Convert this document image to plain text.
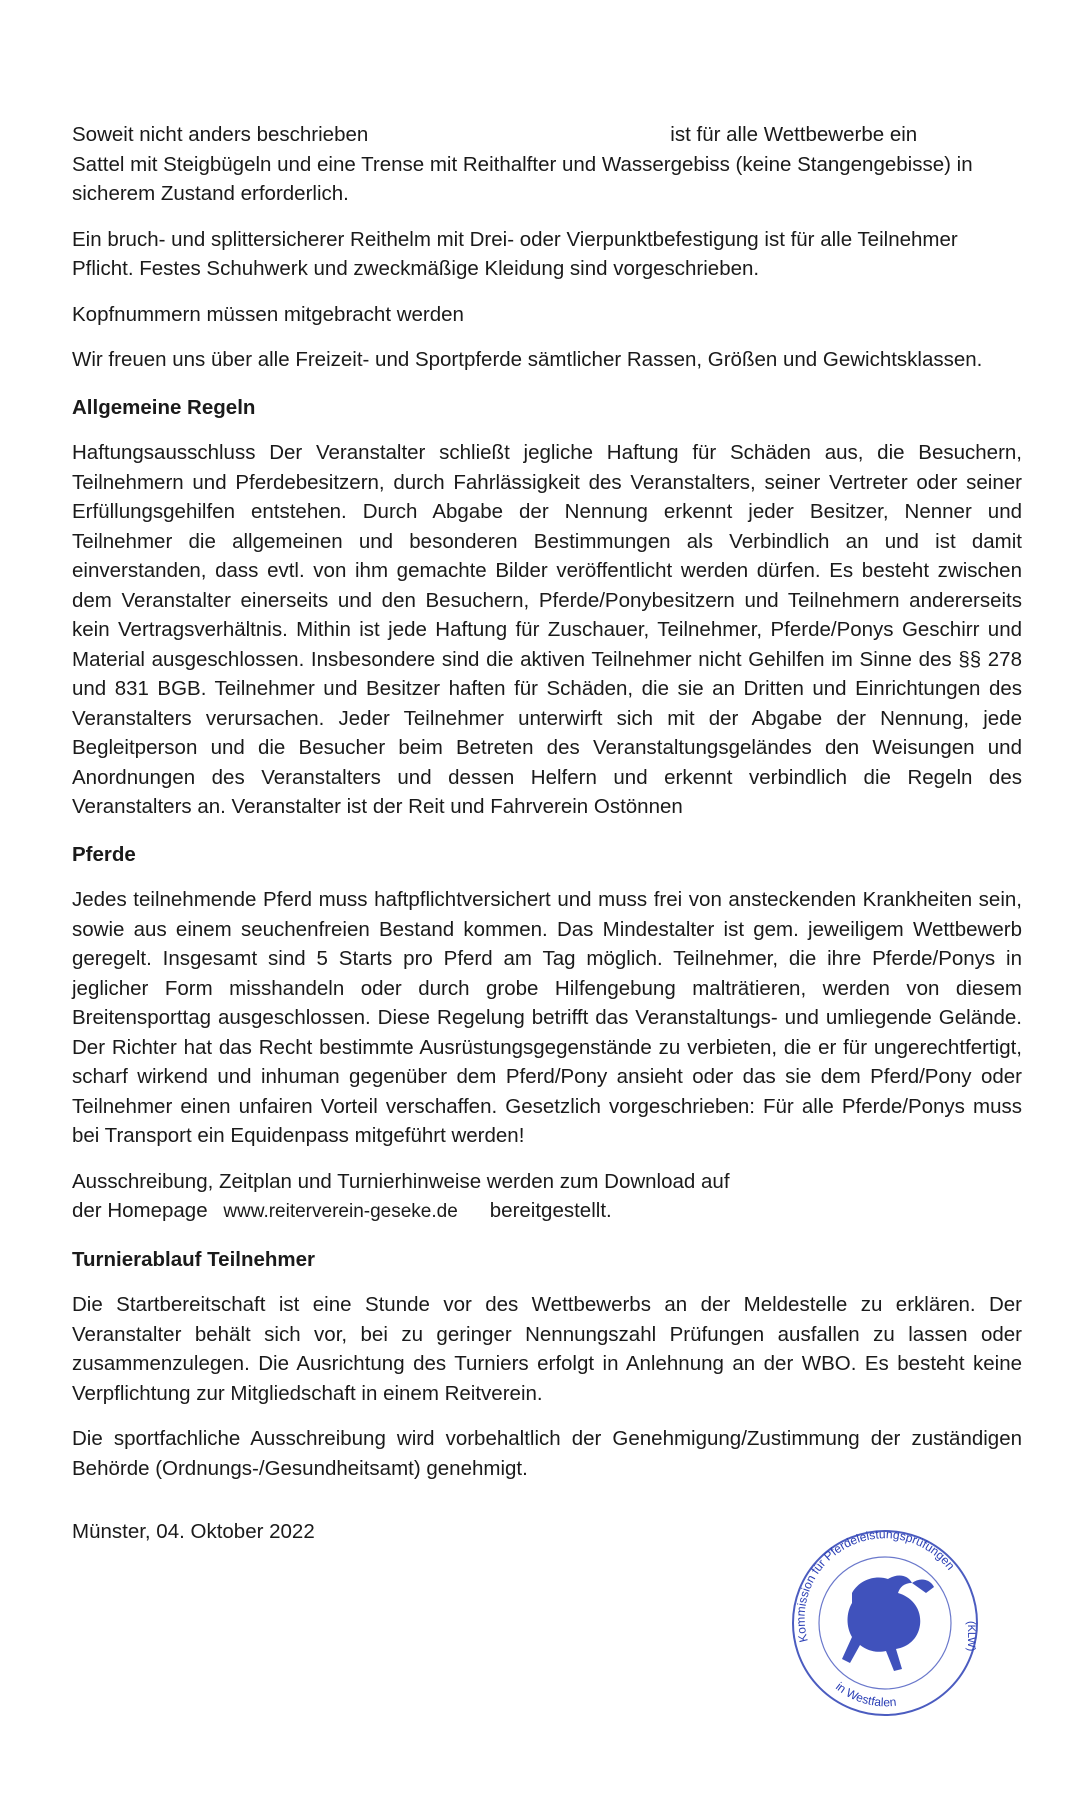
Soweit nicht anders beschrieben	ist für alle Wettbewerbe ein
Sattel mit Steigbügeln und eine Trense mit Reithalfter und Wassergebiss (keine Stangengebisse) in sicherem Zustand erforderlich.

Ein bruch- und splittersicherer Reithelm mit Drei- oder Vierpunktbefestigung ist für alle Teilnehmer Pflicht. Festes Schuhwerk und zweckmäßige Kleidung sind vorgeschrieben.

Kopfnummern müssen mitgebracht werden

Wir freuen uns über alle Freizeit- und Sportpferde sämtlicher Rassen, Größen und Gewichtsklassen.

Allgemeine Regeln

Haftungsausschluss Der Veranstalter schließt jegliche Haftung für Schäden aus, die Besuchern, Teilnehmern und Pferdebesitzern, durch Fahrlässigkeit des Veranstalters, seiner Vertreter oder seiner Erfüllungsgehilfen entstehen. Durch Abgabe der Nennung erkennt jeder Besitzer, Nenner und Teilnehmer die allgemeinen und besonderen Bestimmungen als Verbindlich an und ist damit einverstanden, dass evtl. von ihm gemachte Bilder veröffentlicht werden dürfen. Es besteht zwischen dem Veranstalter einerseits und den Besuchern, Pferde/Ponybesitzern und Teilnehmern andererseits kein Vertragsverhältnis. Mithin ist jede Haftung für Zuschauer, Teilnehmer, Pferde/Ponys Geschirr und Material ausgeschlossen. Insbesondere sind die aktiven Teilnehmer nicht Gehilfen im Sinne des §§ 278 und 831 BGB. Teilnehmer und Besitzer haften für Schäden, die sie an Dritten und Einrichtungen des Veranstalters verursachen. Jeder Teilnehmer unterwirft sich mit der Abgabe der Nennung, jede Begleitperson und die Besucher beim Betreten des Veranstaltungsgeländes den Weisungen und Anordnungen des Veranstalters und dessen Helfern und erkennt verbindlich die Regeln des Veranstalters an. Veranstalter ist der Reit und Fahrverein Ostönnen

Pferde

Jedes teilnehmende Pferd muss haftpflichtversichert und muss frei von ansteckenden Krankheiten sein, sowie aus einem seuchenfreien Bestand kommen. Das Mindestalter ist gem. jeweiligem Wettbewerb geregelt. Insgesamt sind 5 Starts pro Pferd am Tag möglich. Teilnehmer, die ihre Pferde/Ponys in jeglicher Form misshandeln oder durch grobe Hilfengebung malträtieren, werden von diesem Breitensporttag ausgeschlossen. Diese Regelung betrifft das Veranstaltungs- und umliegende Gelände. Der Richter hat das Recht bestimmte Ausrüstungsgegenstände zu verbieten, die er für ungerechtfertigt, scharf wirkend und inhuman gegenüber dem Pferd/Pony ansieht oder das sie dem Pferd/Pony oder Teilnehmer einen unfairen Vorteil verschaffen. Gesetzlich vorgeschrieben: Für alle Pferde/Ponys muss bei Transport ein Equidenpass mitgeführt werden!

Ausschreibung, Zeitplan und Turnierhinweise werden zum Download auf
der Homepage www.reiterverein-geseke.de bereitgestellt.

Turnierablauf Teilnehmer

Die Startbereitschaft ist eine Stunde vor des Wettbewerbs an der Meldestelle zu erklären. Der Veranstalter behält sich vor, bei zu geringer Nennungszahl Prüfungen ausfallen zu lassen oder zusammenzulegen. Die Ausrichtung des Turniers erfolgt in Anlehnung an der WBO. Es besteht keine Verpflichtung zur Mitgliedschaft in einem Reitverein.

Die sportfachliche Ausschreibung wird vorbehaltlich der Genehmigung/Zustimmung der zuständigen Behörde (Ordnungs-/Gesundheitsamt) genehmigt.

Münster, 04. Oktober 2022

Kommission für Pferdeleistungsprüfungen
(KLW)
in Westfalen
